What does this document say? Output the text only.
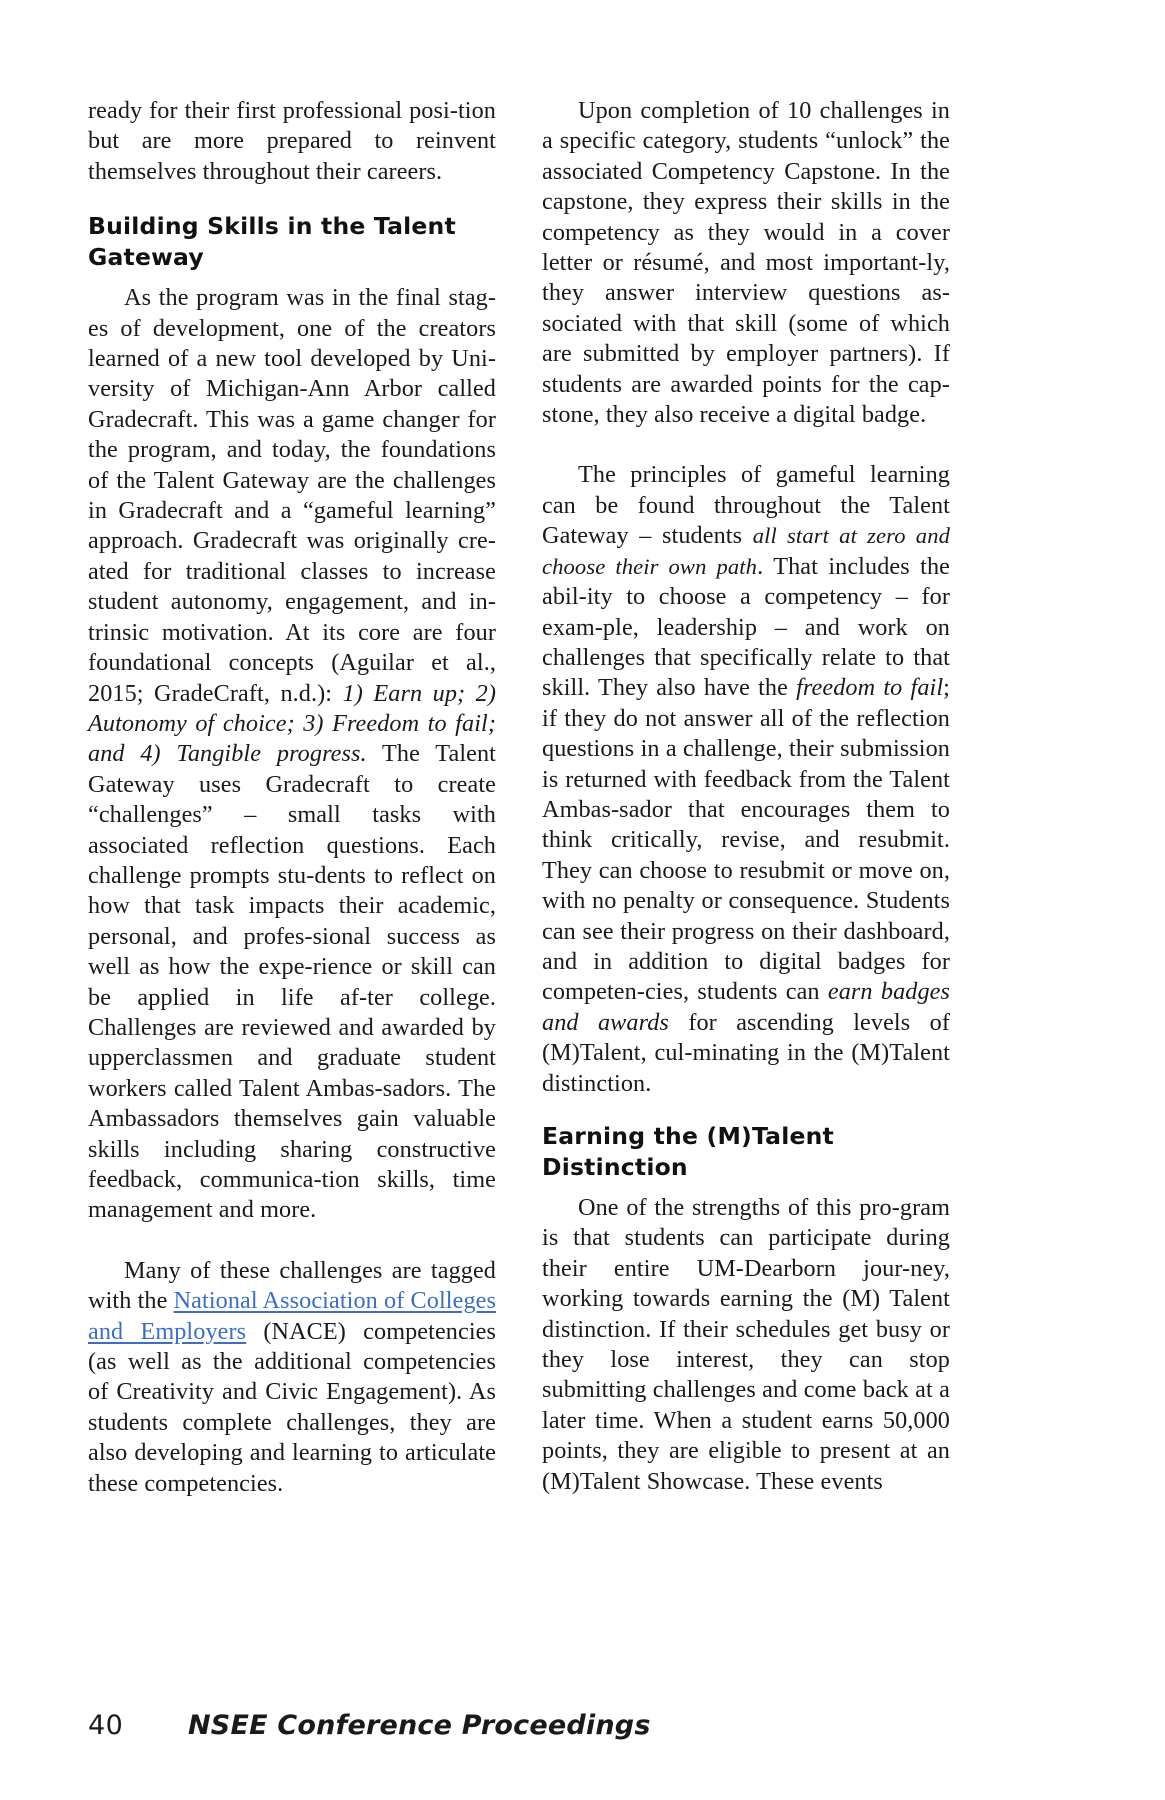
ready for their first professional posi-tion but are more prepared to reinvent themselves throughout their careers.

Building Skills in the Talent Gateway

As the program was in the final stag-es of development, one of the creators learned of a new tool developed by Uni-versity of Michigan-Ann Arbor called Gradecraft. This was a game changer for the program, and today, the foundations of the Talent Gateway are the challenges in Gradecraft and a “gameful learning” approach. Gradecraft was originally cre-ated for traditional classes to increase student autonomy, engagement, and in-trinsic motivation. At its core are four foundational concepts (Aguilar et al., 2015; GradeCraft, n.d.): 1) Earn up; 2) Autonomy of choice; 3) Freedom to fail; and 4) Tangible progress. The Talent Gateway uses Gradecraft to create “challenges” – small tasks with associated reflection questions. Each challenge prompts stu-dents to reflect on how that task impacts their academic, personal, and profes-sional success as well as how the expe-rience or skill can be applied in life af-ter college. Challenges are reviewed and awarded by upperclassmen and graduate student workers called Talent Ambas-sadors. The Ambassadors themselves gain valuable skills including sharing constructive feedback, communica-tion skills, time management and more.

Many of these challenges are tagged with the National Association of Colleges and Employers (NACE) competencies (as well as the additional competencies of Creativity and Civic Engagement). As students complete challenges, they are also developing and learning to articulate these competencies.

Upon completion of 10 challenges in a specific category, students “unlock” the associated Competency Capstone. In the capstone, they express their skills in the competency as they would in a cover letter or résumé, and most important-ly, they answer interview questions as-sociated with that skill (some of which are submitted by employer partners). If students are awarded points for the cap-stone, they also receive a digital badge.

The principles of gameful learning can be found throughout the Talent Gateway – students all start at zero and choose their own path. That includes the abil-ity to choose a competency – for exam-ple, leadership – and work on challenges that specifically relate to that skill. They also have the freedom to fail; if they do not answer all of the reflection questions in a challenge, their submission is returned with feedback from the Talent Ambas-sador that encourages them to think critically, revise, and resubmit. They can choose to resubmit or move on, with no penalty or consequence. Students can see their progress on their dashboard, and in addition to digital badges for competen-cies, students can earn badges and awards for ascending levels of (M)Talent, cul-minating in the (M)Talent distinction.

Earning the (M)Talent Distinction

One of the strengths of this pro-gram is that students can participate during their entire UM-Dearborn jour-ney, working towards earning the (M) Talent distinction. If their schedules get busy or they lose interest, they can stop submitting challenges and come back at a later time. When a student earns 50,000 points, they are eligible to present at an (M)Talent Showcase. These events

40	NSEE Conference Proceedings
